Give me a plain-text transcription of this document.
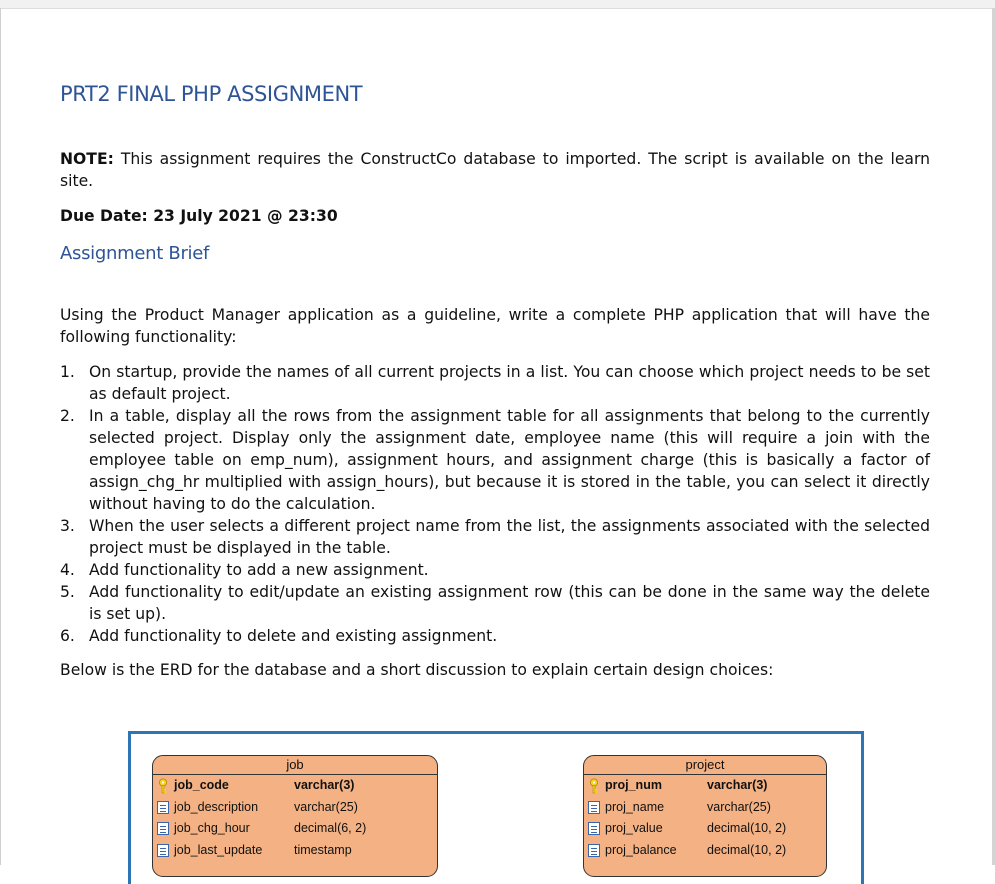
PRT2 FINAL PHP ASSIGNMENT
NOTE: This assignment requires the ConstructCo database to imported. The script is available on the learn site.
Due Date: 23 July 2021 @ 23:30
Assignment Brief
Using the Product Manager application as a guideline, write a complete PHP application that will have the following functionality:
1. On startup, provide the names of all current projects in a list. You can choose which project needs to be set as default project.
2. In a table, display all the rows from the assignment table for all assignments that belong to the currently selected project. Display only the assignment date, employee name (this will require a join with the employee table on emp_num), assignment hours, and assignment charge (this is basically a factor of assign_chg_hr multiplied with assign_hours), but because it is stored in the table, you can select it directly without having to do the calculation.
3. When the user selects a different project name from the list, the assignments associated with the selected project must be displayed in the table.
4. Add functionality to add a new assignment.
5. Add functionality to edit/update an existing assignment row (this can be done in the same way the delete is set up).
6. Add functionality to delete and existing assignment.
Below is the ERD for the database and a short discussion to explain certain design choices:
job
job_code	varchar(3)
job_description	varchar(25)
job_chg_hour	decimal(6, 2)
job_last_update	timestamp
project
proj_num	varchar(3)
proj_name	varchar(25)
proj_value	decimal(10, 2)
proj_balance decimal(10, 2)
